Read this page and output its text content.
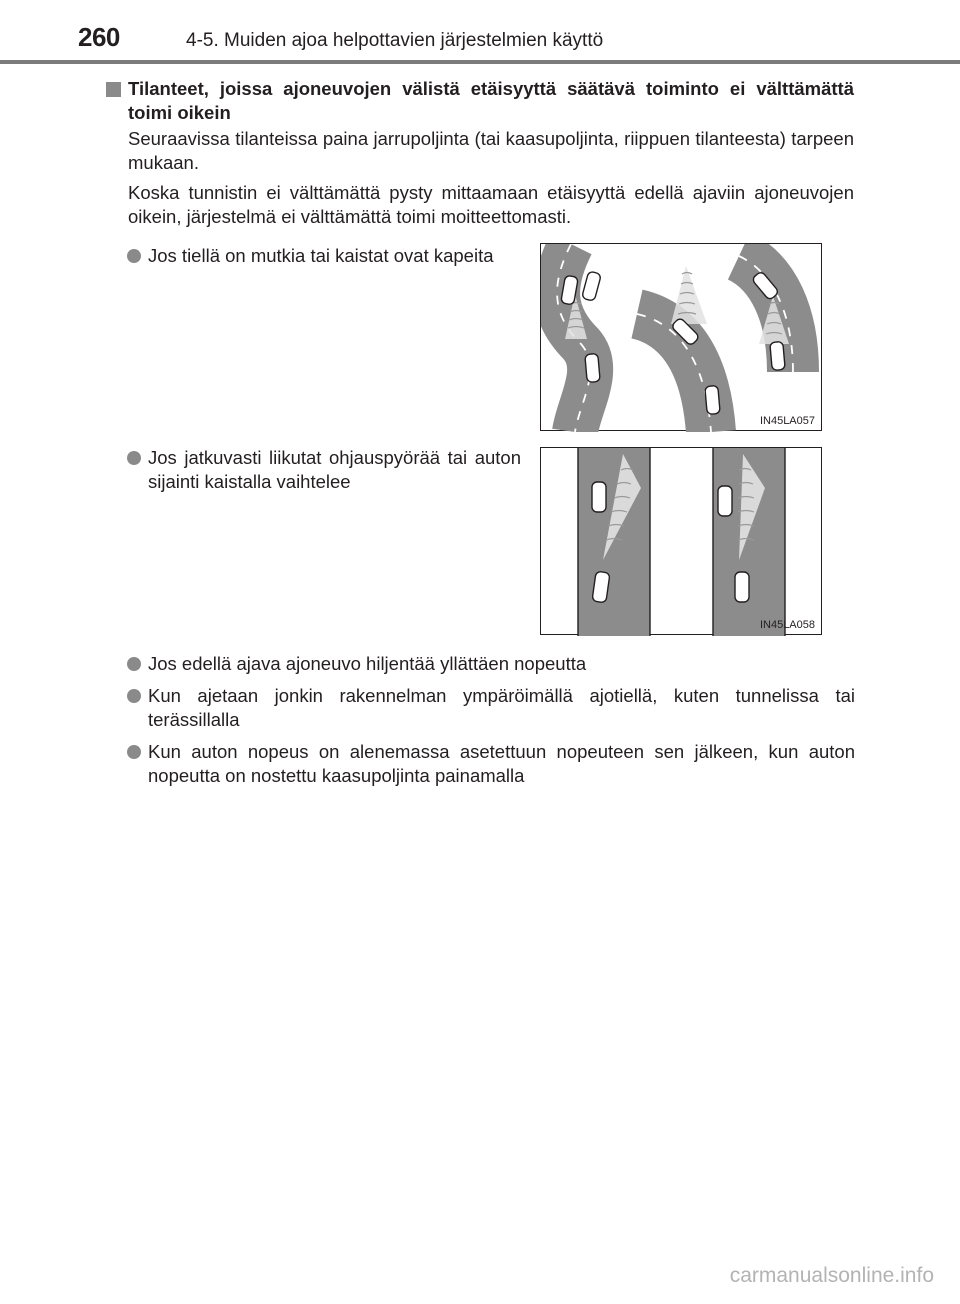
260	4-5. Muiden ajoa helpottavien järjestelmien käyttö
Tilanteet, joissa ajoneuvojen välistä etäisyyttä säätävä toiminto ei välttämättä toimi oikein
Seuraavissa tilanteissa paina jarrupoljinta (tai kaasupoljinta, riippuen tilanteesta) tarpeen mukaan.
Koska tunnistin ei välttämättä pysty mittaamaan etäisyyttä edellä ajaviin ajoneuvojen oikein, järjestelmä ei välttämättä toimi moitteettomasti.
Jos tiellä on mutkia tai kaistat ovat kapeita
IN45LA057
Jos jatkuvasti liikutat ohjauspyörää tai auton sijainti kaistalla vaihtelee
IN45LA058
Jos edellä ajava ajoneuvo hiljentää yllättäen nopeutta
Kun ajetaan jonkin rakennelman ympäröimällä ajotiellä, kuten tunnelissa tai terässillalla
Kun auton nopeus on alenemassa asetettuun nopeuteen sen jälkeen, kun auton nopeutta on nostettu kaasupoljinta painamalla
carmanualsonline.info
